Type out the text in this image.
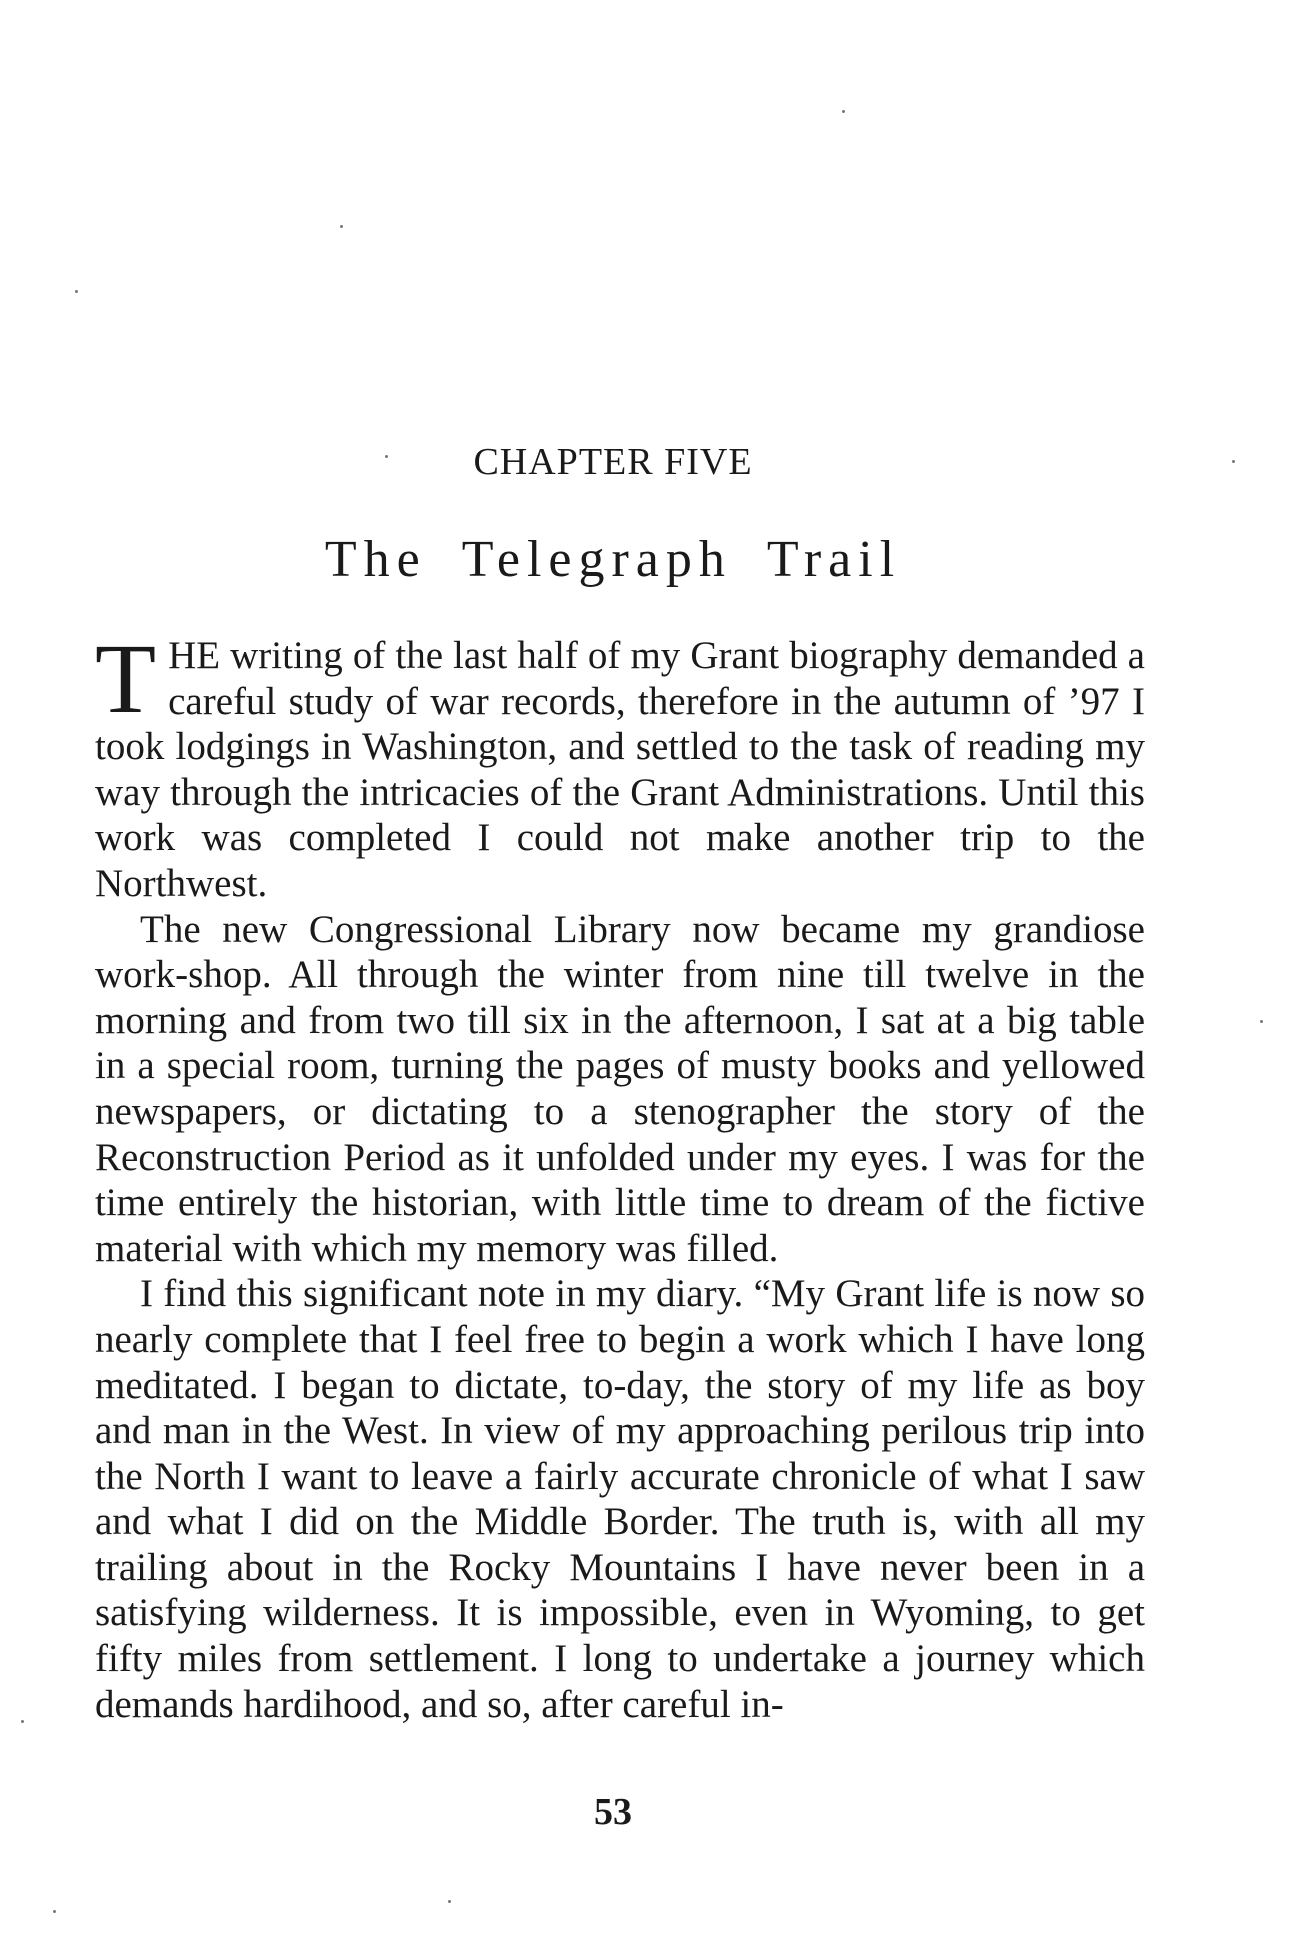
CHAPTER FIVE
The Telegraph Trail

THE writing of the last half of my Grant biography demanded a careful study of war records, therefore in the autumn of ’97 I took lodgings in Washington, and settled to the task of reading my way through the intricacies of the Grant Administrations. Until this work was completed I could not make another trip to the Northwest.

The new Congressional Library now became my grandiose work-shop. All through the winter from nine till twelve in the morning and from two till six in the afternoon, I sat at a big table in a special room, turning the pages of musty books and yellowed newspapers, or dictating to a stenographer the story of the Reconstruction Period as it unfolded under my eyes. I was for the time entirely the historian, with little time to dream of the fictive material with which my memory was filled.

I find this significant note in my diary. “My Grant life is now so nearly complete that I feel free to begin a work which I have long meditated. I began to dictate, to-day, the story of my life as boy and man in the West. In view of my approaching perilous trip into the North I want to leave a fairly accurate chronicle of what I saw and what I did on the Middle Border. The truth is, with all my trailing about in the Rocky Mountains I have never been in a satisfying wilderness. It is impossible, even in Wyoming, to get fifty miles from settlement. I long to undertake a journey which demands hardihood, and so, after careful in-

53
